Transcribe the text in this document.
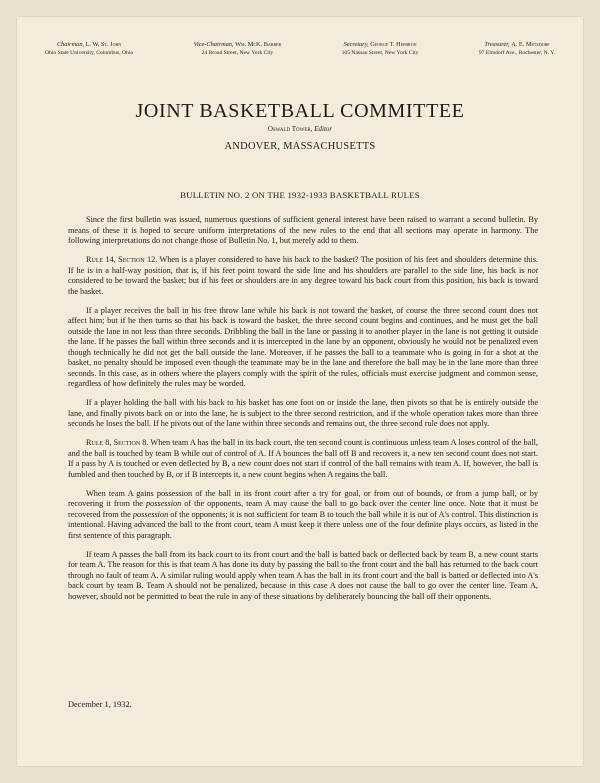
Chairman, L. W. St. John
Ohio State University, Columbus, Ohio
Vice-Chairman, Wm. McK. Barber
24 Broad Street, New York City
Secretary, George T. Hepbron
105 Nassau Street, New York City
Treasurer, A. E. Metzdorf
97 Elmdorf Ave., Rochester, N. Y.
JOINT BASKETBALL COMMITTEE
Oswald Tower, Editor
ANDOVER, MASSACHUSETTS
BULLETIN NO. 2 ON THE 1932-1933 BASKETBALL RULES

Since the first bulletin was issued, numerous questions of sufficient general interest have been raised to warrant a second bulletin. By means of these it is hoped to secure uniform interpretations of the new rules to the end that all sections may operate in harmony. The following interpretations do not change those of Bulletin No. 1, but merely add to them.

Rule 14, Section 12. When is a player considered to have his back to the basket? The position of his feet and shoulders determine this. If he is in a half-way position, that is, if his feet point toward the side line and his shoulders are parallel to the side line, his back is not considered to be toward the basket; but if his feet or shoulders are in any degree toward his back court from this position, his back is toward the basket.

If a player receives the ball in his free throw lane while his back is not toward the basket, of course the three second count does not affect him; but if he then turns so that his back is toward the basket, the three second count begins and continues, and he must get the ball outside the lane in not less than three seconds. Dribbling the ball in the lane or passing it to another player in the lane is not getting it outside the lane. If he passes the ball within three seconds and it is intercepted in the lane by an opponent, obviously he would not be penalized even though technically he did not get the ball outside the lane. Moreover, if he passes the ball to a teammate who is going in for a shot at the basket, no penalty should be imposed even though the teammate may be in the lane and therefore the ball may be in the lane more than three seconds. In this case, as in others where the players comply with the spirit of the rules, officials must exercise judgment and common sense, regardless of how definitely the rules may be worded.

If a player holding the ball with his back to his basket has one foot on or inside the lane, then pivots so that he is entirely outside the lane, and finally pivots back on or into the lane, he is subject to the three second restriction, and if the whole operation takes more than three seconds he loses the ball. If he pivots out of the lane within three seconds and remains out, the three second rule does not apply.

Rule 8, Section 8. When team A has the ball in its back court, the ten second count is continuous unless team A loses control of the ball, and the ball is touched by team B while out of control of A. If A bounces the ball off B and recovers it, a new ten second count does not start. If a pass by A is touched or even deflected by B, a new count does not start if control of the ball remains with team A. If, however, the ball is fumbled and then touched by B, or if B intercepts it, a new count begins when A regains the ball.

When team A gains possession of the ball in its front court after a try for goal, or from out of bounds, or from a jump ball, or by recovering it from the possession of the opponents, team A may cause the ball to go back over the center line once. Note that it must be recovered from the possession of the opponents; it is not sufficient for team B to touch the ball while it is out of A's control. This distinction is intentional. Having advanced the ball to the front court, team A must keep it there unless one of the four definite plays occurs, as listed in the first sentence of this paragraph.

If team A passes the ball from its back court to its front court and the ball is batted back or deflected back by team B, a new count starts for team A. The reason for this is that team A has done its duty by passing the ball to the front court and the ball has returned to the back court through no fault of team A. A similar ruling would apply when team A has the ball in its front court and the ball is batted or deflected into A's back court by team B. Team A should not be penalized, because in this case A does not cause the ball to go over the center line. Team A, however, should not be permitted to beat the rule in any of these situations by deliberately bouncing the ball off their opponents.

December 1, 1932.
